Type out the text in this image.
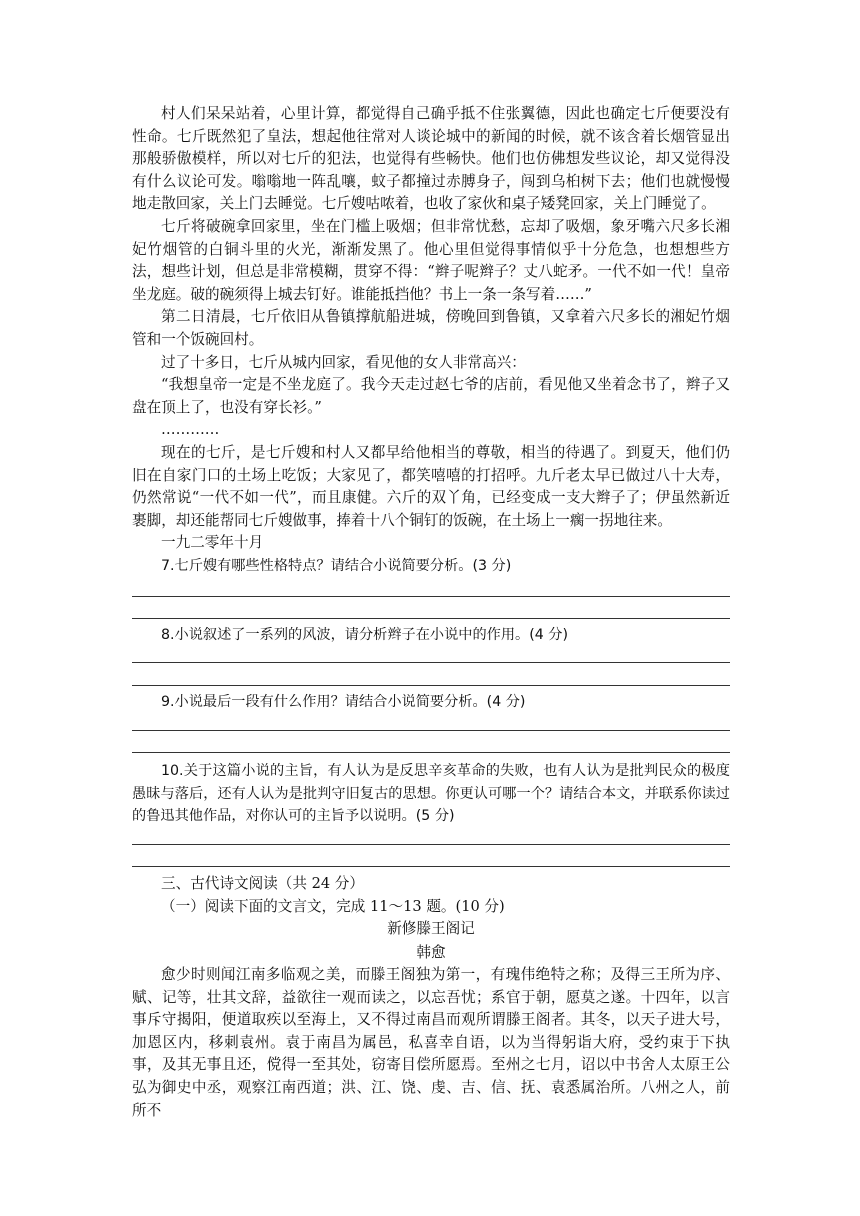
村人们呆呆站着，心里计算，都觉得自己确乎抵不住张翼德，因此也确定七斤便要没有性命。七斤既然犯了皇法，想起他往常对人谈论城中的新闻的时候，就不该含着长烟管显出那般骄傲模样，所以对七斤的犯法，也觉得有些畅快。他们也仿佛想发些议论，却又觉得没有什么议论可发。嗡嗡地一阵乱嚷，蚊子都撞过赤膊身子，闯到乌桕树下去；他们也就慢慢地走散回家，关上门去睡觉。七斤嫂咕哝着，也收了家伙和桌子矮凳回家，关上门睡觉了。

七斤将破碗拿回家里，坐在门槛上吸烟；但非常忧愁，忘却了吸烟，象牙嘴六尺多长湘妃竹烟管的白铜斗里的火光，渐渐发黑了。他心里但觉得事情似乎十分危急，也想想些方法，想些计划，但总是非常模糊，贯穿不得：“辫子呢辫子？丈八蛇矛。一代不如一代！皇帝坐龙庭。破的碗须得上城去钉好。谁能抵挡他？书上一条一条写着……”

第二日清晨，七斤依旧从鲁镇撑航船进城，傍晚回到鲁镇，又拿着六尺多长的湘妃竹烟管和一个饭碗回村。

过了十多日，七斤从城内回家，看见他的女人非常高兴：

“我想皇帝一定是不坐龙庭了。我今天走过赵七爷的店前，看见他又坐着念书了，辫子又盘在顶上了，也没有穿长衫。”

…………

现在的七斤，是七斤嫂和村人又都早给他相当的尊敬，相当的待遇了。到夏天，他们仍旧在自家门口的土场上吃饭；大家见了，都笑嘻嘻的打招呼。九斤老太早已做过八十大寿，仍然常说“一代不如一代”，而且康健。六斤的双丫角，已经变成一支大辫子了；伊虽然新近裹脚，却还能帮同七斤嫂做事，捧着十八个铜钉的饭碗，在土场上一瘸一拐地往来。

一九二零年十月

7.七斤嫂有哪些性格特点？请结合小说简要分析。(3 分)

8.小说叙述了一系列的风波，请分析辫子在小说中的作用。(4 分)

9.小说最后一段有什么作用？请结合小说简要分析。(4 分)

10.关于这篇小说的主旨，有人认为是反思辛亥革命的失败，也有人认为是批判民众的极度愚昧与落后，还有人认为是批判守旧复古的思想。你更认可哪一个？请结合本文，并联系你读过的鲁迅其他作品，对你认可的主旨予以说明。(5 分)

三、古代诗文阅读（共 24 分）

（一）阅读下面的文言文，完成 11～13 题。(10 分)

新修滕王阁记
韩愈

愈少时则闻江南多临观之美，而滕王阁独为第一，有瑰伟绝特之称；及得三王所为序、赋、记等，壮其文辞，益欲往一观而读之，以忘吾忧；系官于朝，愿莫之遂。十四年，以言事斥守揭阳，便道取疾以至海上，又不得过南昌而观所谓滕王阁者。其冬，以天子进大号，加恩区内，移刺袁州。袁于南昌为属邑，私喜幸自语，以为当得躬诣大府，受约束于下执事，及其无事且还，傥得一至其处，窃寄目偿所愿焉。至州之七月，诏以中书舍人太原王公弘为御史中丞，观察江南西道；洪、江、饶、虔、吉、信、抚、袁悉属治所。八州之人，前所不
